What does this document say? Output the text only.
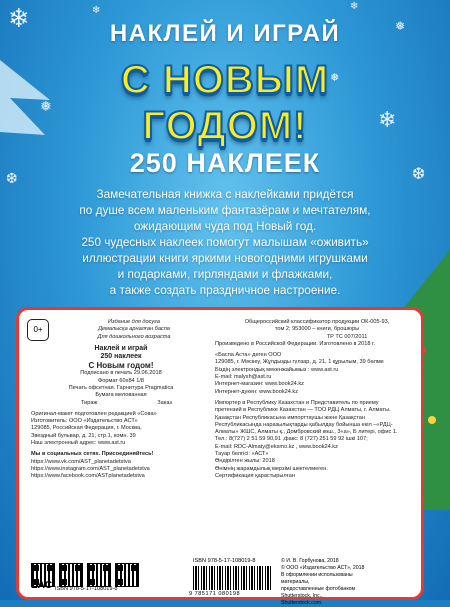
❄
❅
❄
❆
❅
❆
❄	❄
❅
НАКЛЕЙ И ИГРАЙ
С НОВЫМ
ГОДОМ!
250 НАКЛЕЕК

Замечательная книжка с наклейками придётся

по душе всем маленьким фантазёрам и мечтателям,

ожидающим чуда под Новый год.

250 чудесных наклеек помогут малышам «оживить»

иллюстрации книги яркими новогодними игрушками

и подарками, гирляндами и флажками,

а также создать праздничное настроение.

0+

Издание для досуга

Демалысқа арналған баспа

Для дошкольного возраста

Наклей и играй
250 наклеек
С Новым годом!

Подписано в печать 29.06.2018

Формат 60х84 1/8

Печать офсетная. Гарнитура Pragmatica

Бумага мелованная

Тираж	Заказ

Оригинал-макет подготовлен редакцией «Сова»

Изготовитель: ООО «Издательство АСТ»

129085, Российская Федерация, г. Москва,

Звездный бульвар, д. 21, стр.1, комн. 39

Наш электронный адрес: www.ast.ru

Мы в социальных сетях. Присоединяйтесь!

https://www.vk.com/AST_planetadetstva

https://www.instagram.com/AST_planetadetstva

https://www.facebook.com/ASTplanetadetstva

EAC ISBN 978-5-17-108019-8

Общероссийский классификатор продукции ОК-005-93,

том 2; 953000 – книги, брошюры

ТР ТС 007/2011

Произведено в Российской Федерации. Изготовлено в 2018 г.

«Баспа Аста» деген ООО

129085, г. Мәскеу, Жұлдызды гүлзар, д. 21, 1 құрылым, 39 бөлме

Біздің электрондық мекенжайымыз : www.ast.ru

E-mail: malysh@ast.ru

Интернет-магазин: www.book24.kz

Интернет-дүкен: www.book24.kz

Импортер в Республику Казахстан и Представитель по приему

претензий в Республике Казахстан — ТОО РДЦ Алматы, г. Алматы.

Қазақстан Республикасына импорттаушы және Қазақстан

Республикасында наразылықтарды қабылдау бойынша екіл –«РДЦ-

Алматы» ЖШС, Алматы қ., Домбровский көш., 3«а», Б литері, офис 1.

Тел.: 8(727) 2 51 59 90,91 ,факс: 8 (727) 251 59 92 ішкі 107;

E-mail: RDC-Almaty@eksmo.kz , www.book24.kz

Тауар белгісі: «АСТ»

Өндірілген жылы: 2018

Өнімнің жарамдылық мерзімі шектелмеген.

Сертификация қарастырылған

ISBN 978-5-17-108019-8
9 785171 080198

© И. В. Горбунова, 2018

© ООО «Издательство АСТ», 2018

В оформлении использованы материалы,

предоставленные фотобанком Shutterstock, Inc.,

Shutterstock.com.
